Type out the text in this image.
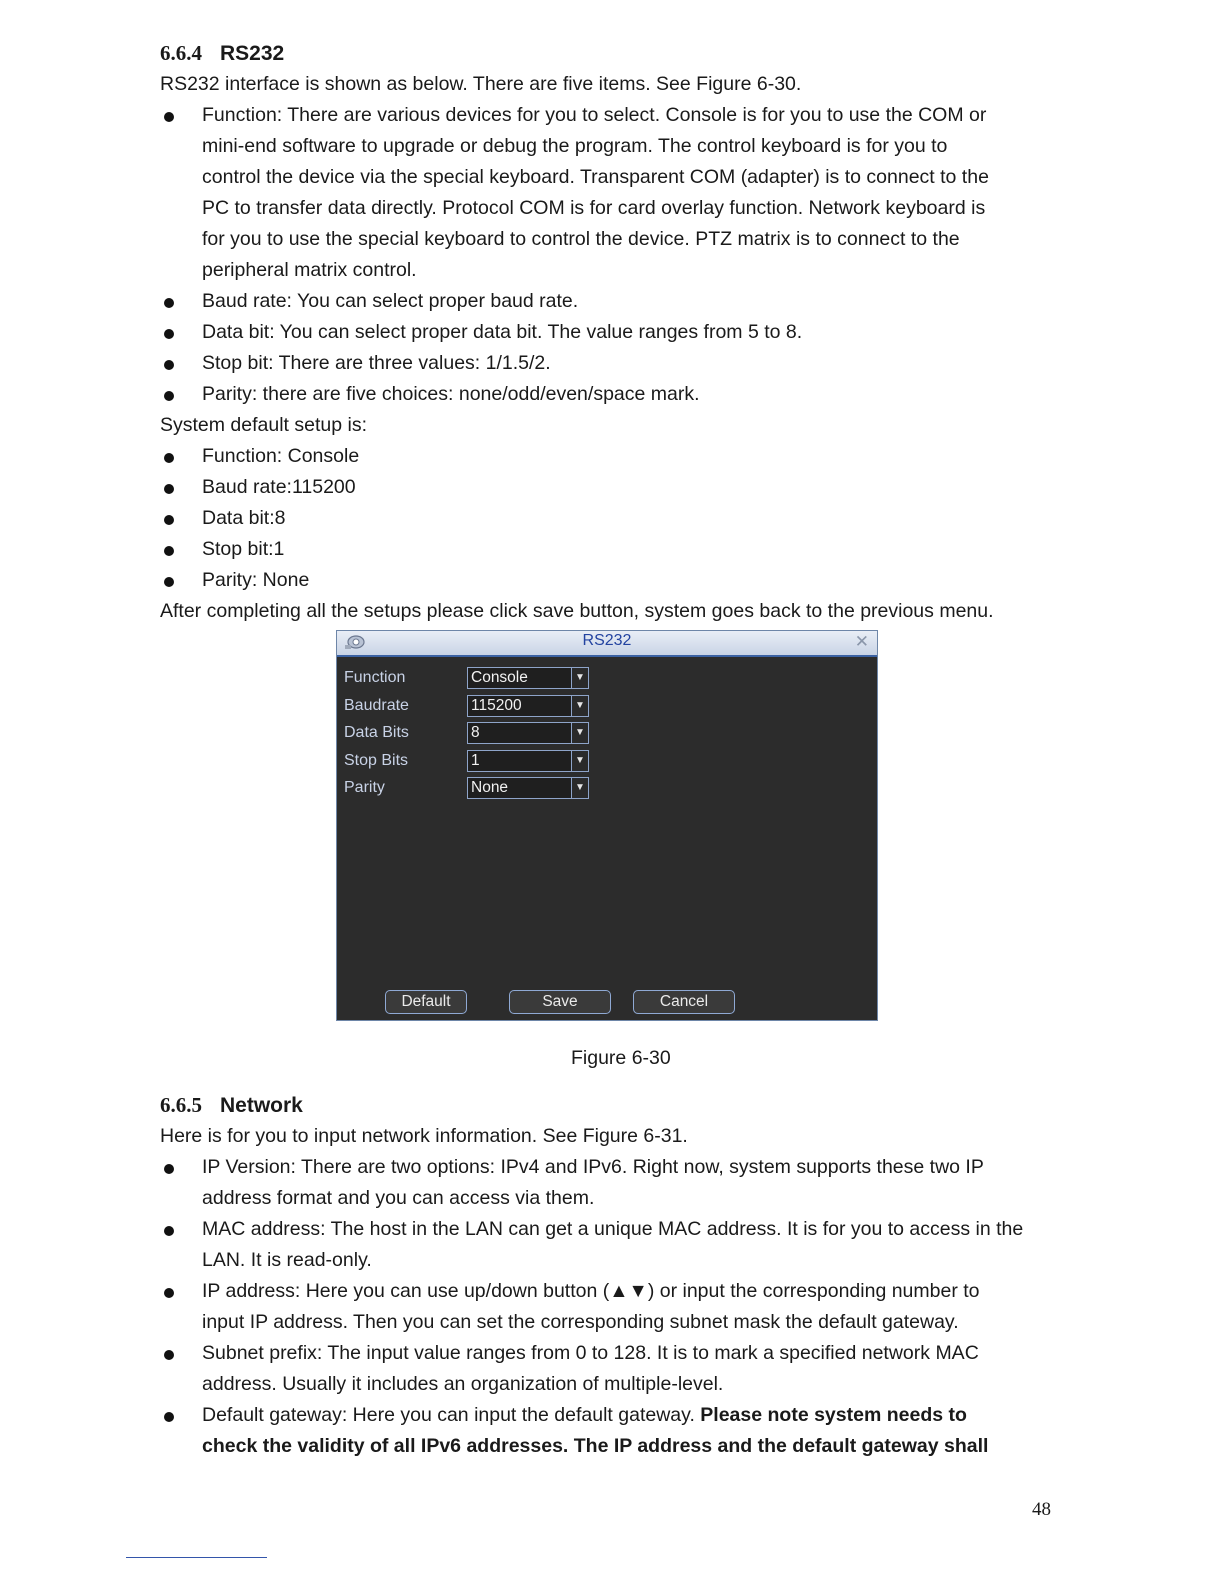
6.6.4 RS232
RS232 interface is shown as below. There are five items. See Figure 6-30.
Function: There are various devices for you to select. Console is for you to use the COM or
mini-end software to upgrade or debug the program. The control keyboard is for you to
control the device via the special keyboard. Transparent COM (adapter) is to connect to the
PC to transfer data directly. Protocol COM is for card overlay function. Network keyboard is
for you to use the special keyboard to control the device. PTZ matrix is to connect to the
peripheral matrix control.
Baud rate: You can select proper baud rate.
Data bit: You can select proper data bit. The value ranges from 5 to 8.
Stop bit: There are three values: 1/1.5/2.
Parity: there are five choices: none/odd/even/space mark.
System default setup is:
Function: Console
Baud rate:115200
Data bit:8
Stop bit:1
Parity: None
After completing all the setups please click save button, system goes back to the previous menu.
RS232	✕
Function	Console	▼
Baudrate	115200	▼
Data Bits	8	▼
Stop Bits	1	▼
Parity	None	▼
Default	Save	Cancel
Figure 6-30
6.6.5 Network
Here is for you to input network information. See Figure 6-31.
IP Version: There are two options: IPv4 and IPv6. Right now, system supports these two IP
address format and you can access via them.
MAC address: The host in the LAN can get a unique MAC address. It is for you to access in the
LAN. It is read-only.
IP address: Here you can use up/down button (▲▼) or input the corresponding number to
input IP address. Then you can set the corresponding subnet mask the default gateway.
Subnet prefix: The input value ranges from 0 to 128. It is to mark a specified network MAC
address. Usually it includes an organization of multiple-level.
Default gateway: Here you can input the default gateway. Please note system needs to
check the validity of all IPv6 addresses. The IP address and the default gateway shall
48
